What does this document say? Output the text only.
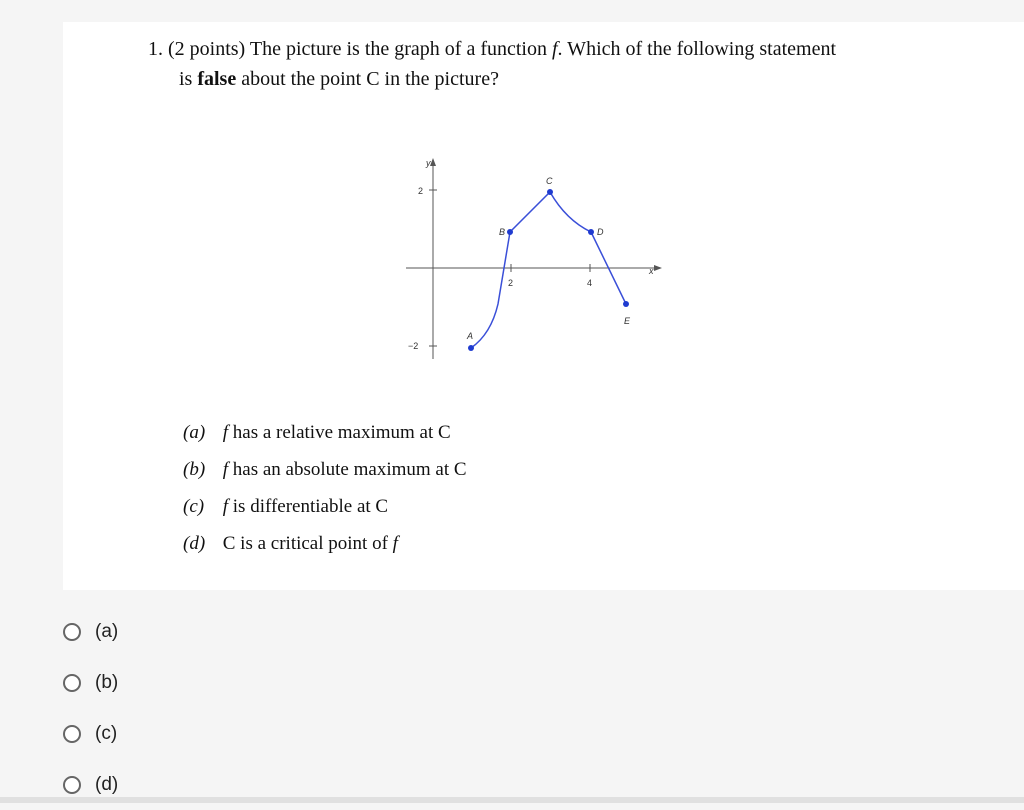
1. (2 points) The picture is the graph of a function f. Which of the following statement
is false about the point C in the picture?
2
−2
2	4
y
x
A
B
C
D
E
(a) f has a relative maximum at C
(b) f has an absolute maximum at C
(c) f is differentiable at C
(d) C is a critical point of f
(a)
(b)
(c)
(d)
